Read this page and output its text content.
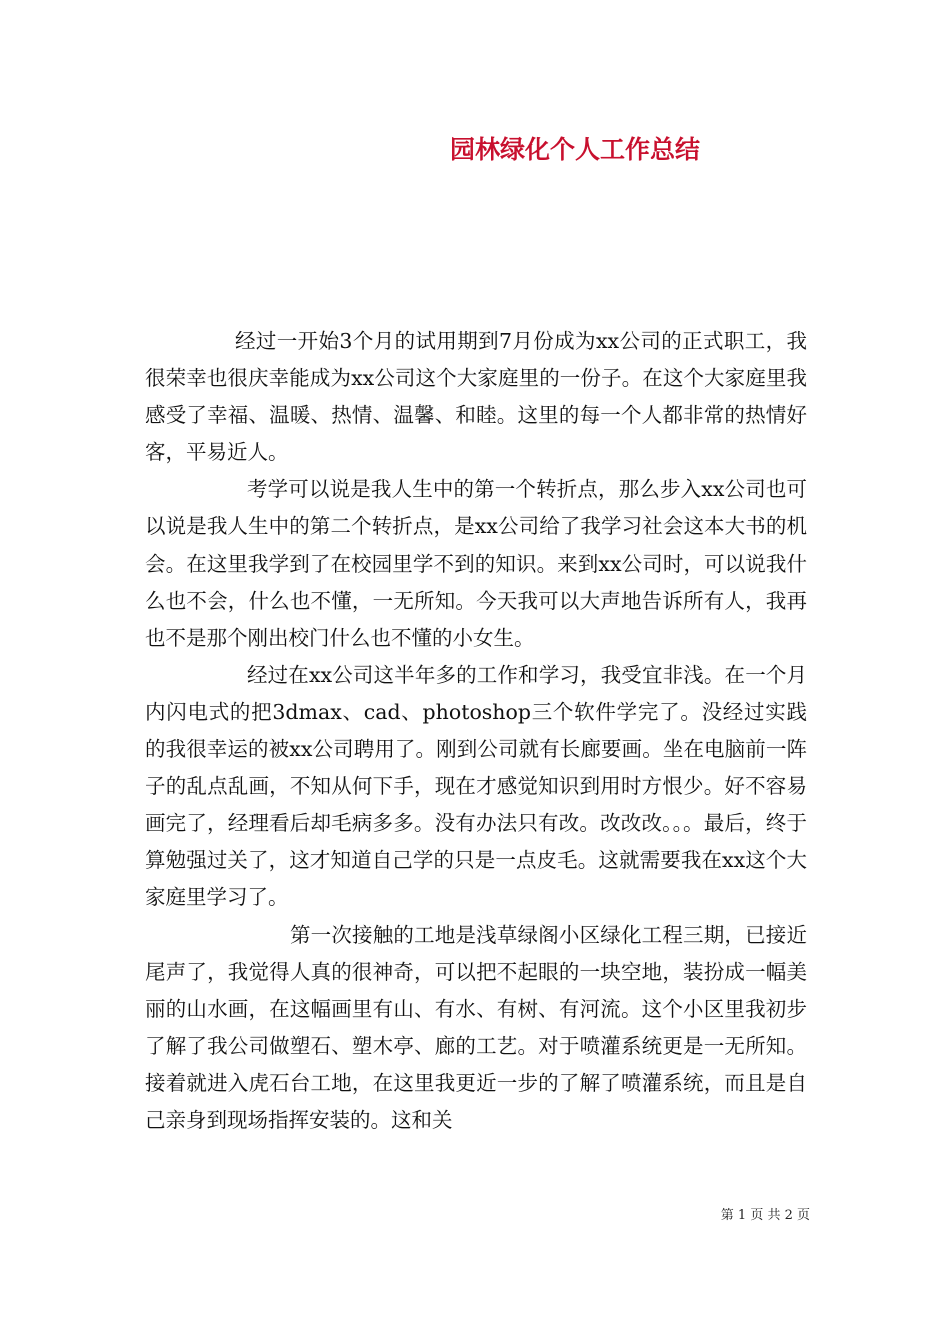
园林绿化个人工作总结

经过一开始3个月的试用期到7月份成为xx公司的正式职工，我很荣幸也很庆幸能成为xx公司这个大家庭里的一份子。在这个大家庭里我感受了幸福、温暖、热情、温馨、和睦。这里的每一个人都非常的热情好客，平易近人。

考学可以说是我人生中的第一个转折点，那么步入xx公司也可以说是我人生中的第二个转折点，是xx公司给了我学习社会这本大书的机会。在这里我学到了在校园里学不到的知识。来到xx公司时，可以说我什么也不会，什么也不懂，一无所知。今天我可以大声地告诉所有人，我再也不是那个刚出校门什么也不懂的小女生。

经过在xx公司这半年多的工作和学习，我受宜非浅。在一个月内闪电式的把3dmax、cad、photoshop三个软件学完了。没经过实践的我很幸运的被xx公司聘用了。刚到公司就有长廊要画。坐在电脑前一阵子的乱点乱画，不知从何下手，现在才感觉知识到用时方恨少。好不容易画完了，经理看后却毛病多多。没有办法只有改。改改改。。。最后，终于算勉强过关了，这才知道自己学的只是一点皮毛。这就需要我在xx这个大家庭里学习了。

第一次接触的工地是浅草绿阁小区绿化工程三期，已接近尾声了，我觉得人真的很神奇，可以把不起眼的一块空地，装扮成一幅美丽的山水画，在这幅画里有山、有水、有树、有河流。这个小区里我初步了解了我公司做塑石、塑木亭、廊的工艺。对于喷灌系统更是一无所知。接着就进入虎石台工地，在这里我更近一步的了解了喷灌系统，而且是自己亲身到现场指挥安装的。这和关

第 1 页 共 2 页
